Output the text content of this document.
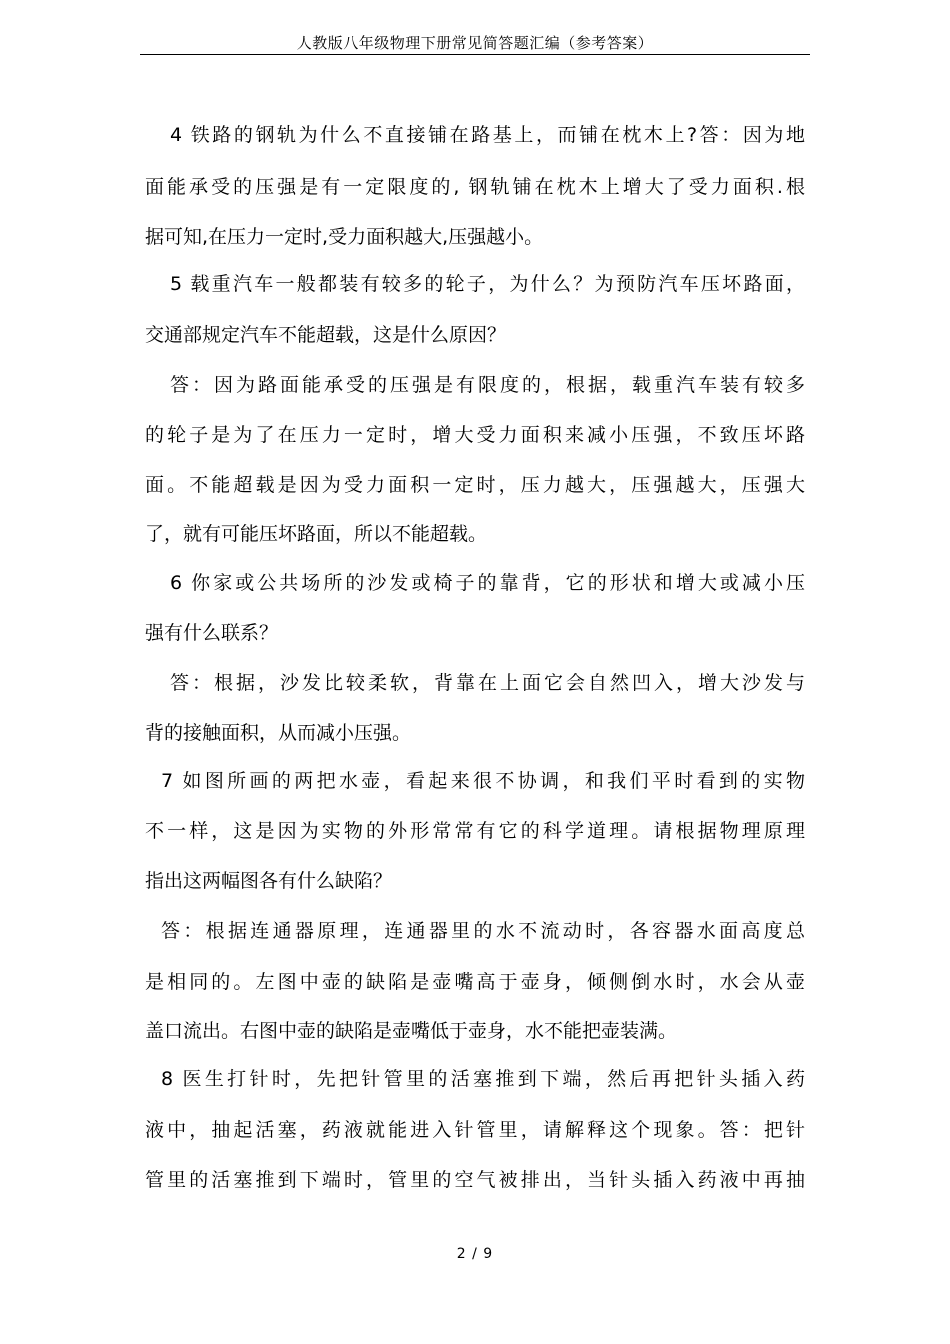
人教版八年级物理下册常见简答题汇编（参考答案）
4 铁路的钢轨为什么不直接铺在路基上，而铺在枕木上?答：因为地
面能承受的压强是有一定限度的, 钢轨铺在枕木上增大了受力面积.根
据可知,在压力一定时,受力面积越大,压强越小。
5 载重汽车一般都装有较多的轮子，为什么？为预防汽车压坏路面，
交通部规定汽车不能超载，这是什么原因？
答：因为路面能承受的压强是有限度的，根据，载重汽车装有较多
的轮子是为了在压力一定时，增大受力面积来减小压强，不致压坏路
面。不能超载是因为受力面积一定时，压力越大，压强越大，压强大
了，就有可能压坏路面，所以不能超载。
6 你家或公共场所的沙发或椅子的靠背，它的形状和增大或减小压
强有什么联系？
答：根据，沙发比较柔软，背靠在上面它会自然凹入，增大沙发与
背的接触面积，从而减小压强。
7 如图所画的两把水壶，看起来很不协调，和我们平时看到的实物
不一样，这是因为实物的外形常常有它的科学道理。请根据物理原理
指出这两幅图各有什么缺陷？
答：根据连通器原理，连通器里的水不流动时，各容器水面高度总
是相同的。左图中壶的缺陷是壶嘴高于壶身，倾侧倒水时，水会从壶
盖口流出。右图中壶的缺陷是壶嘴低于壶身，水不能把壶装满。
8 医生打针时，先把针管里的活塞推到下端，然后再把针头插入药
液中，抽起活塞，药液就能进入针管里，请解释这个现象。答：把针
管里的活塞推到下端时，管里的空气被排出，当针头插入药液中再抽
2 / 9
